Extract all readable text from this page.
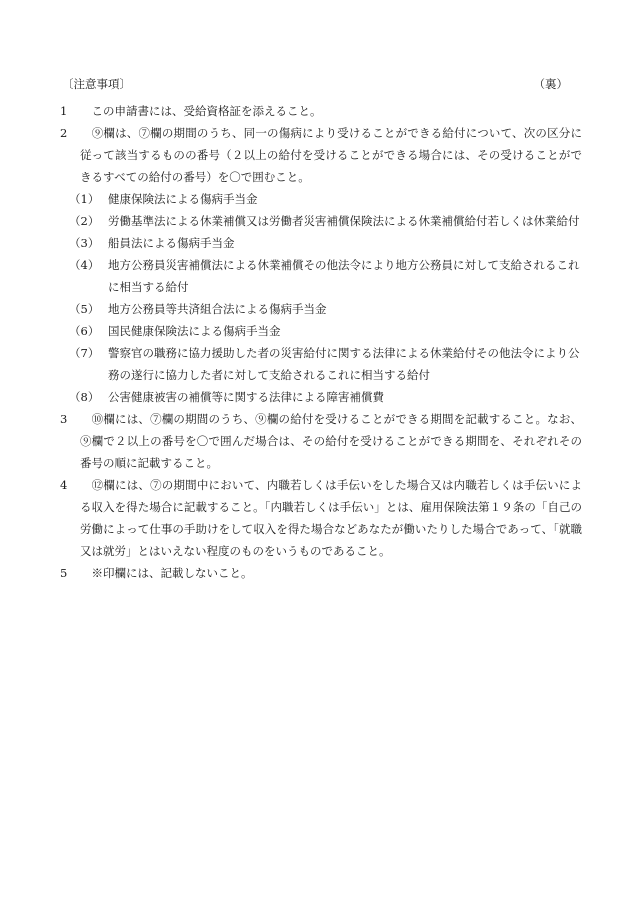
〔注意事項〕	（裏）
1 　この申請書には、受給資格証を添えること。
2 　⑨欄は、⑦欄の期間のうち、同一の傷病により受けることができる給付について、次の区分に従って該当するものの番号（２以上の給付を受けることができる場合には、その受けることができるすべての給付の番号）を〇で囲むこと。
（1） 健康保険法による傷病手当金
（2） 労働基準法による休業補償又は労働者災害補償保険法による休業補償給付若しくは休業給付
（3） 船員法による傷病手当金
（4） 地方公務員災害補償法による休業補償その他法令により地方公務員に対して支給されるこれに相当する給付
（5） 地方公務員等共済組合法による傷病手当金
（6） 国民健康保険法による傷病手当金
（7） 警察官の職務に協力援助した者の災害給付に関する法律による休業給付その他法令により公務の遂行に協力した者に対して支給されるこれに相当する給付
（8） 公害健康被害の補償等に関する法律による障害補償費
3 　⑩欄には、⑦欄の期間のうち、⑨欄の給付を受けることができる期間を記載すること。なお、⑨欄で２以上の番号を〇で囲んだ場合は、その給付を受けることができる期間を、それぞれその番号の順に記載すること。
4 　⑫欄には、⑦の期間中において、内職若しくは手伝いをした場合又は内職若しくは手伝いによる収入を得た場合に記載すること。「内職若しくは手伝い」とは、雇用保険法第１９条の「自己の労働によって仕事の手助けをして収入を得た場合などあなたが働いたりした場合であって、「就職又は就労」とはいえない程度のものをいうものであること。
5 　※印欄には、記載しないこと。
